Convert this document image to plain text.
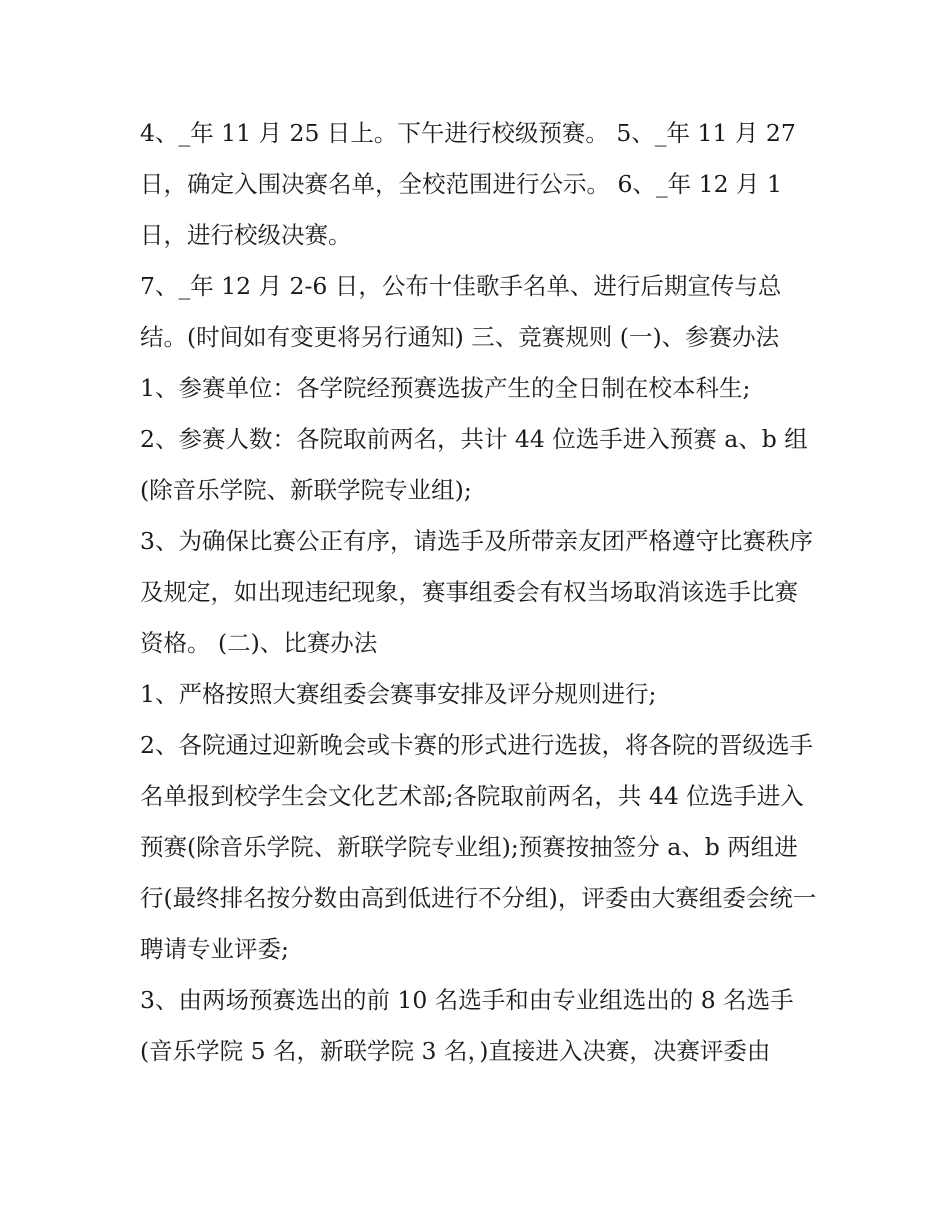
4、_年 11 月 25 日上。下午进行校级预赛。 5、_年 11 月 27 日，确定入围决赛名单，全校范围进行公示。 6、_年 12 月 1 日，进行校级决赛。

7、_年 12 月 2-6 日，公布十佳歌手名单、进行后期宣传与总结。(时间如有变更将另行通知) 三、竞赛规则 (一)、参赛办法

1、参赛单位：各学院经预赛选拔产生的全日制在校本科生;

2、参赛人数：各院取前两名，共计 44 位选手进入预赛 a、b 组(除音乐学院、新联学院专业组);

3、为确保比赛公正有序，请选手及所带亲友团严格遵守比赛秩序及规定，如出现违纪现象，赛事组委会有权当场取消该选手比赛资格。 (二)、比赛办法

1、严格按照大赛组委会赛事安排及评分规则进行;

2、各院通过迎新晚会或卡赛的形式进行选拔，将各院的晋级选手名单报到校学生会文化艺术部;各院取前两名，共 44 位选手进入预赛(除音乐学院、新联学院专业组);预赛按抽签分 a、b 两组进行(最终排名按分数由高到低进行不分组)，评委由大赛组委会统一聘请专业评委;

3、由两场预赛选出的前 10 名选手和由专业组选出的 8 名选手(音乐学院 5 名，新联学院 3 名，)直接进入决赛，决赛评委由
